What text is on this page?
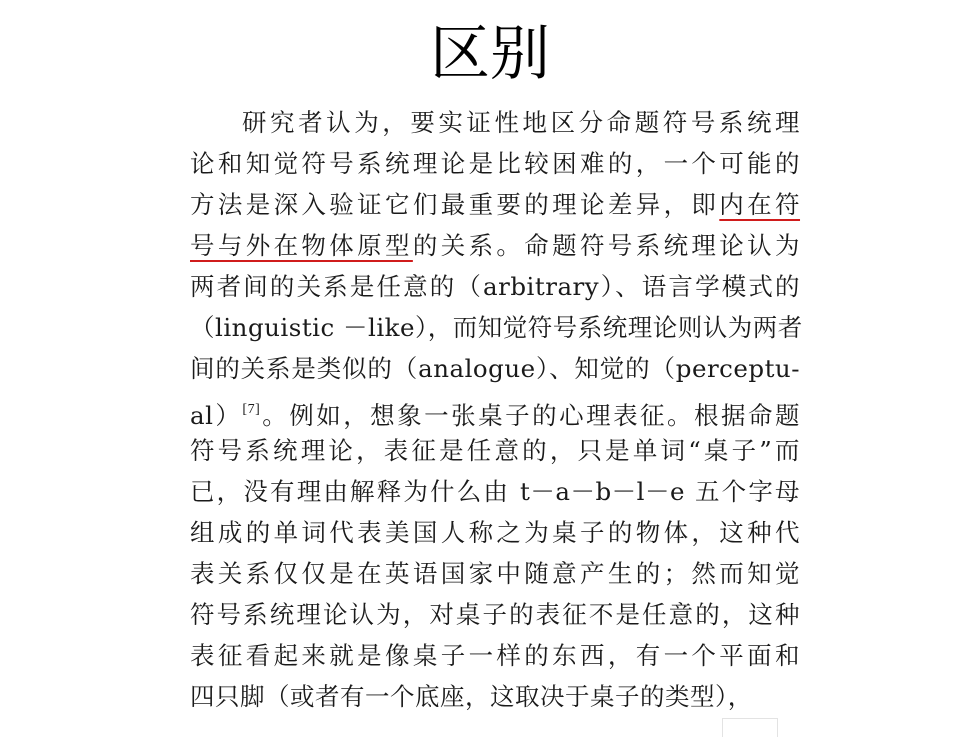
区别
研究者认为，要实证性地区分命题符号系统理
论和知觉符号系统理论是比较困难的，一个可能的
方法是深入验证它们最重要的理论差异，即内在符
号与外在物体原型的关系。命题符号系统理论认为
两者间的关系是任意的（arbitrary）、语言学模式的
（linguistic －like），而知觉符号系统理论则认为两者
间的关系是类似的（analogue）、知觉的（perceptu-
al）[7]。例如，想象一张桌子的心理表征。根据命题
符号系统理论，表征是任意的，只是单词“桌子”而
已，没有理由解释为什么由 t－a－b－l－e 五个字母
组成的单词代表美国人称之为桌子的物体，这种代
表关系仅仅是在英语国家中随意产生的；然而知觉
符号系统理论认为，对桌子的表征不是任意的，这种
表征看起来就是像桌子一样的东西，有一个平面和
四只脚（或者有一个底座，这取决于桌子的类型），
